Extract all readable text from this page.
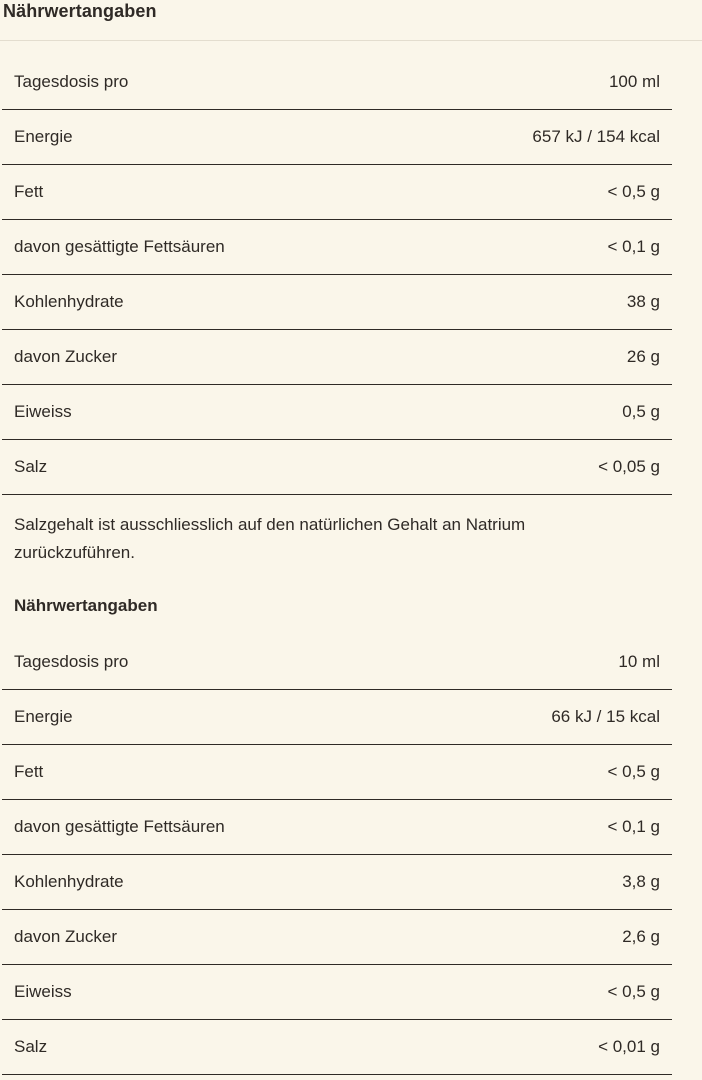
Nährwertangaben
Tagesdosis pro	100 ml
Energie	657 kJ / 154 kcal
Fett	< 0,5 g
davon gesättigte Fettsäuren	< 0,1 g
Kohlenhydrate	38 g
davon Zucker	26 g
Eiweiss	0,5 g
Salz	< 0,05 g
Salzgehalt ist ausschliesslich auf den natürlichen Gehalt an Natrium zurückzuführen.
Nährwertangaben
Tagesdosis pro	10 ml
Energie	66 kJ / 15 kcal
Fett	< 0,5 g
davon gesättigte Fettsäuren	< 0,1 g
Kohlenhydrate	3,8 g
davon Zucker	2,6 g
Eiweiss	< 0,5 g
Salz	< 0,01 g
